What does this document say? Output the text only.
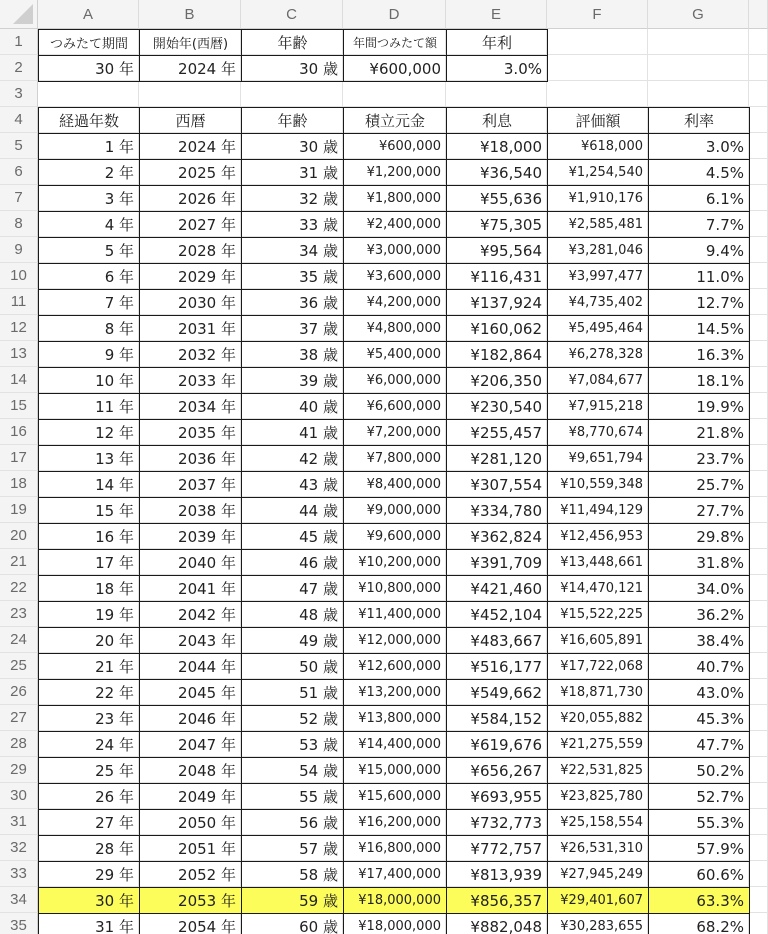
A	B	C	D	E	F	G
1
2
3
4
5
6
7
8
9
10
11
12
13
14
15
16
17
18
19
20
21
22
23
24
25
26
27
28
29
30
31
32
33
34
35
つみたて期間	開始年(西暦)	年齢	年間つみたて額	年利
30 年	2024 年	30 歳	¥600,000	3.0%
経過年数	西暦	年齢	積立元金	利息	評価額	利率
1 年	2024 年	30 歳	¥600,000	¥18,000	¥618,000	3.0%
2 年	2025 年	31 歳	¥1,200,000	¥36,540	¥1,254,540	4.5%
3 年	2026 年	32 歳	¥1,800,000	¥55,636	¥1,910,176	6.1%
4 年	2027 年	33 歳	¥2,400,000	¥75,305	¥2,585,481	7.7%
5 年	2028 年	34 歳	¥3,000,000	¥95,564	¥3,281,046	9.4%
6 年	2029 年	35 歳	¥3,600,000	¥116,431	¥3,997,477	11.0%
7 年	2030 年	36 歳	¥4,200,000	¥137,924	¥4,735,402	12.7%
8 年	2031 年	37 歳	¥4,800,000	¥160,062	¥5,495,464	14.5%
9 年	2032 年	38 歳	¥5,400,000	¥182,864	¥6,278,328	16.3%
10 年	2033 年	39 歳	¥6,000,000	¥206,350	¥7,084,677	18.1%
11 年	2034 年	40 歳	¥6,600,000	¥230,540	¥7,915,218	19.9%
12 年	2035 年	41 歳	¥7,200,000	¥255,457	¥8,770,674	21.8%
13 年	2036 年	42 歳	¥7,800,000	¥281,120	¥9,651,794	23.7%
14 年	2037 年	43 歳	¥8,400,000	¥307,554	¥10,559,348	25.7%
15 年	2038 年	44 歳	¥9,000,000	¥334,780	¥11,494,129	27.7%
16 年	2039 年	45 歳	¥9,600,000	¥362,824	¥12,456,953	29.8%
17 年	2040 年	46 歳	¥10,200,000	¥391,709	¥13,448,661	31.8%
18 年	2041 年	47 歳	¥10,800,000	¥421,460	¥14,470,121	34.0%
19 年	2042 年	48 歳	¥11,400,000	¥452,104	¥15,522,225	36.2%
20 年	2043 年	49 歳	¥12,000,000	¥483,667	¥16,605,891	38.4%
21 年	2044 年	50 歳	¥12,600,000	¥516,177	¥17,722,068	40.7%
22 年	2045 年	51 歳	¥13,200,000	¥549,662	¥18,871,730	43.0%
23 年	2046 年	52 歳	¥13,800,000	¥584,152	¥20,055,882	45.3%
24 年	2047 年	53 歳	¥14,400,000	¥619,676	¥21,275,559	47.7%
25 年	2048 年	54 歳	¥15,000,000	¥656,267	¥22,531,825	50.2%
26 年	2049 年	55 歳	¥15,600,000	¥693,955	¥23,825,780	52.7%
27 年	2050 年	56 歳	¥16,200,000	¥732,773	¥25,158,554	55.3%
28 年	2051 年	57 歳	¥16,800,000	¥772,757	¥26,531,310	57.9%
29 年	2052 年	58 歳	¥17,400,000	¥813,939	¥27,945,249	60.6%
30 年	2053 年	59 歳	¥18,000,000	¥856,357	¥29,401,607	63.3%
31 年	2054 年	60 歳	¥18,000,000	¥882,048	¥30,283,655	68.2%
